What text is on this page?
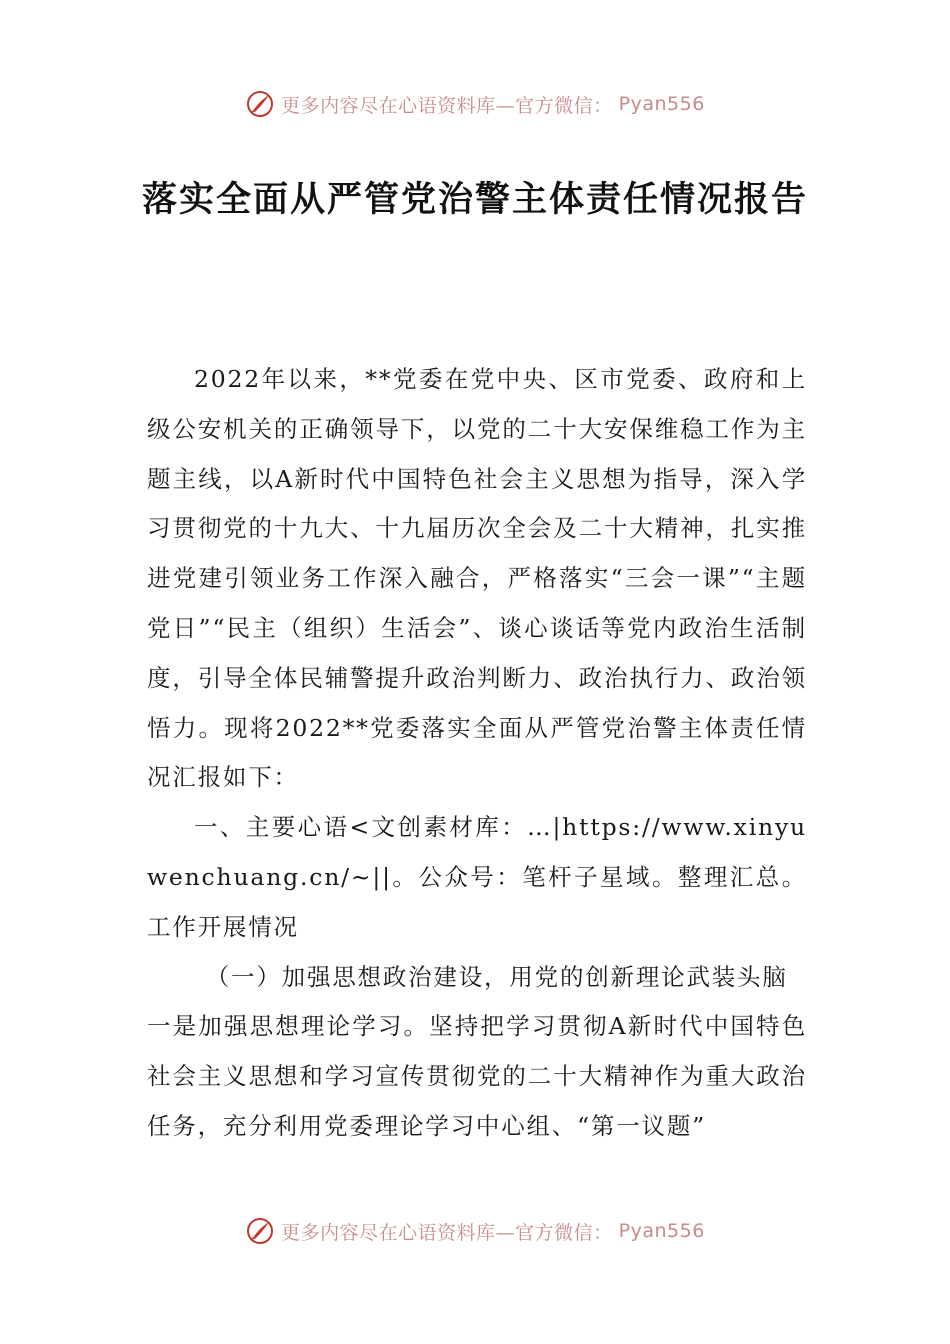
更多内容尽在心语资料库—官方微信： Pyan556
落实全面从严管党治警主体责任情况报告

2022年以来，**党委在党中央、区市党委、政府和上级公安机关的正确领导下，以党的二十大安保维稳工作为主题主线，以A新时代中国特色社会主义思想为指导，深入学习贯彻党的十九大、十九届历次全会及二十大精神，扎实推进党建引领业务工作深入融合，严格落实“三会一课”“主题党日”“民主（组织）生活会”、谈心谈话等党内政治生活制度，引导全体民辅警提升政治判断力、政治执行力、政治领悟力。现将2022**党委落实全面从严管党治警主体责任情况汇报如下：

一、主要心语<文创素材库：…|https://www.xinyuwenchuang.cn/~||。公众号：笔杆子星域。整理汇总。工作开展情况

（一）加强思想政治建设，用党的创新理论武装头脑

一是加强思想理论学习。坚持把学习贯彻A新时代中国特色社会主义思想和学习宣传贯彻党的二十大精神作为重大政治任务，充分利用党委理论学习中心组、“第一议题”

更多内容尽在心语资料库—官方微信： Pyan556
